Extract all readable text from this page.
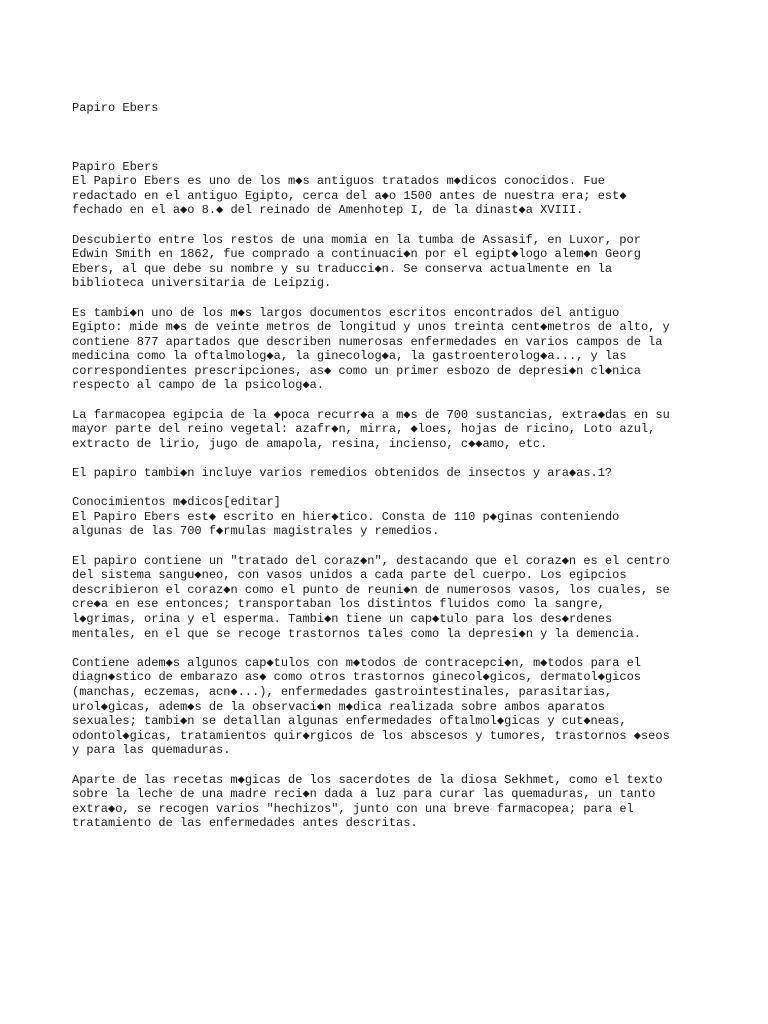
Papiro Ebers

Papiro Ebers
El Papiro Ebers es uno de los m◆s antiguos tratados m◆dicos conocidos. Fue
redactado en el antiguo Egipto, cerca del a◆o 1500 antes de nuestra era; est◆
fechado en el a◆o 8.◆ del reinado de Amenhotep I, de la dinast◆a XVIII.
Descubierto entre los restos de una momia en la tumba de Assasif, en Luxor, por
Edwin Smith en 1862, fue comprado a continuaci◆n por el egipt◆logo alem◆n Georg
Ebers, al que debe su nombre y su traducci◆n. Se conserva actualmente en la
biblioteca universitaria de Leipzig.
Es tambi◆n uno de los m◆s largos documentos escritos encontrados del antiguo
Egipto: mide m◆s de veinte metros de longitud y unos treinta cent◆metros de alto, y
contiene 877 apartados que describen numerosas enfermedades en varios campos de la
medicina como la oftalmolog◆a, la ginecolog◆a, la gastroenterolog◆a..., y las
correspondientes prescripciones, as◆ como un primer esbozo de depresi◆n cl◆nica
respecto al campo de la psicolog◆a.
La farmacopea egipcia de la ◆poca recurr◆a a m◆s de 700 sustancias, extra◆das en su
mayor parte del reino vegetal: azafr◆n, mirra, ◆loes, hojas de ricino, Loto azul,
extracto de lirio, jugo de amapola, resina, incienso, c◆◆amo, etc.
El papiro tambi◆n incluye varios remedios obtenidos de insectos y ara◆as.1?
Conocimientos m◆dicos[editar]
El Papiro Ebers est◆ escrito en hier◆tico. Consta de 110 p◆ginas conteniendo
algunas de las 700 f◆rmulas magistrales y remedios.
El papiro contiene un "tratado del coraz◆n", destacando que el coraz◆n es el centro
del sistema sangu◆neo, con vasos unidos a cada parte del cuerpo. Los egipcios
describieron el coraz◆n como el punto de reuni◆n de numerosos vasos, los cuales, se
cre◆a en ese entonces; transportaban los distintos fluidos como la sangre,
l◆grimas, orina y el esperma. Tambi◆n tiene un cap◆tulo para los des◆rdenes
mentales, en el que se recoge trastornos tales como la depresi◆n y la demencia.
Contiene adem◆s algunos cap◆tulos con m◆todos de contracepci◆n, m◆todos para el
diagn◆stico de embarazo as◆ como otros trastornos ginecol◆gicos, dermatol◆gicos
(manchas, eczemas, acn◆...), enfermedades gastrointestinales, parasitarias,
urol◆gicas, adem◆s de la observaci◆n m◆dica realizada sobre ambos aparatos
sexuales; tambi◆n se detallan algunas enfermedades oftalmol◆gicas y cut◆neas,
odontol◆gicas, tratamientos quir◆rgicos de los abscesos y tumores, trastornos ◆seos
y para las quemaduras.
Aparte de las recetas m◆gicas de los sacerdotes de la diosa Sekhmet, como el texto
sobre la leche de una madre reci◆n dada a luz para curar las quemaduras, un tanto
extra◆o, se recogen varios "hechizos", junto con una breve farmacopea; para el
tratamiento de las enfermedades antes descritas.
